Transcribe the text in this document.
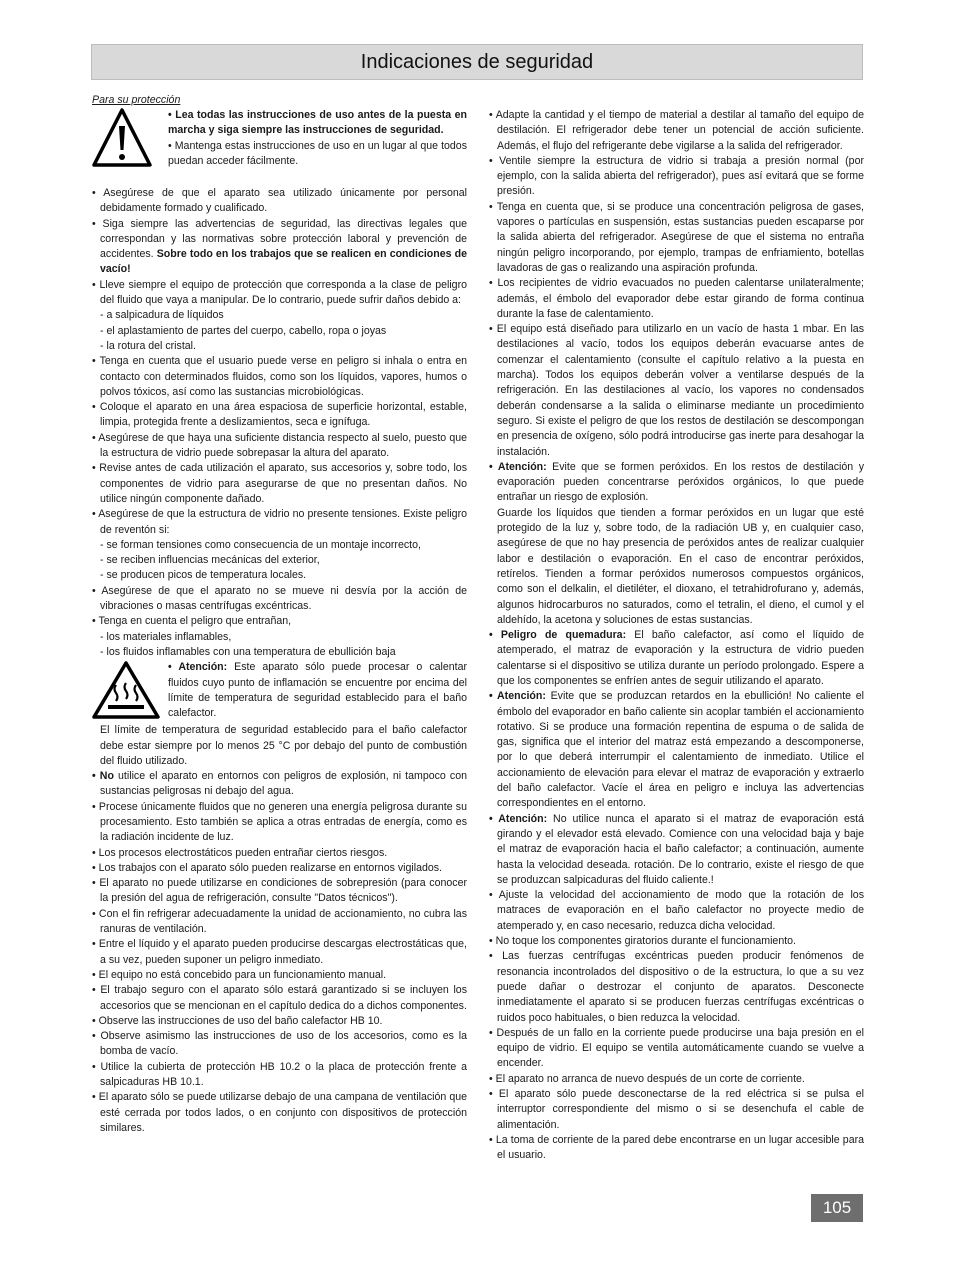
Indicaciones de seguridad
Para su protección

• Lea todas las instrucciones de uso antes de la puesta en marcha y siga siempre las instrucciones de seguridad.

• Mantenga estas instrucciones de uso en un lugar al que todos puedan acceder fácilmente.

• Asegúrese de que el aparato sea utilizado únicamente por personal debidamente formado y cualificado.

• Siga siempre las advertencias de seguridad, las directivas legales que correspondan y las normativas sobre protección laboral y prevención de accidentes. Sobre todo en los trabajos que se realicen en condiciones de vacío!

• Lleve siempre el equipo de protección que corresponda a la clase de peligro del fluido que vaya a manipular. De lo contrario, puede sufrir daños debido a:

- a salpicadura de líquidos

- el aplastamiento de partes del cuerpo, cabello, ropa o joyas

- la rotura del cristal.

• Tenga en cuenta que el usuario puede verse en peligro si inhala o entra en contacto con determinados fluidos, como son los líquidos, vapores, humos o polvos tóxicos, así como las sustancias microbiológicas.

• Coloque el aparato en una área espaciosa de superficie horizontal, estable, limpia, protegida frente a deslizamientos, seca e ignífuga.

• Asegúrese de que haya una suficiente distancia respecto al suelo, puesto que la estructura de vidrio puede sobrepasar la altura del aparato.

• Revise antes de cada utilización el aparato, sus accesorios y, sobre todo, los componentes de vidrio para asegurarse de que no presentan daños. No utilice ningún componente dañado.

• Asegúrese de que la estructura de vidrio no presente tensiones. Existe peligro de reventón si:

- se forman tensiones como consecuencia de un montaje incorrecto,

- se reciben influencias mecánicas del exterior,

- se producen picos de temperatura locales.

• Asegúrese de que el aparato no se mueve ni desvía por la acción de vibraciones o masas centrífugas excéntricas.

• Tenga en cuenta el peligro que entrañan,

- los materiales inflamables,

- los fluidos inflamables con una temperatura de ebullición baja

• Atención: Este aparato sólo puede procesar o calentar fluidos cuyo punto de inflamación se encuentre por encima del límite de temperatura de seguridad establecido para el baño calefactor.

El límite de temperatura de seguridad establecido para el baño calefactor debe estar siempre por lo menos 25 °C por debajo del punto de combustión del fluido utilizado.

• No utilice el aparato en entornos con peligros de explosión, ni tampoco con sustancias peligrosas ni debajo del agua.

• Procese únicamente fluidos que no generen una energía peligrosa durante su procesamiento. Esto también se aplica a otras entradas de energía, como es la radiación incidente de luz.

• Los procesos electrostáticos pueden entrañar ciertos riesgos.

• Los trabajos con el aparato sólo pueden realizarse en entornos vigilados.

• El aparato no puede utilizarse en condiciones de sobrepresión (para conocer la presión del agua de refrigeración, consulte "Datos técnicos").

• Con el fin refrigerar adecuadamente la unidad de accionamiento, no cubra las ranuras de ventilación.

• Entre el líquido y el aparato pueden producirse descargas electrostáticas que, a su vez, pueden suponer un peligro inmediato.

• El equipo no está concebido para un funcionamiento manual.

• El trabajo seguro con el aparato sólo estará garantizado si se incluyen los accesorios que se mencionan en el capítulo dedica do a dichos componentes.

• Observe las instrucciones de uso del baño calefactor HB 10.

• Observe asimismo las instrucciones de uso de los accesorios, como es la bomba de vacío.

• Utilice la cubierta de protección HB 10.2 o la placa de protección frente a salpicaduras HB 10.1.

• El aparato sólo se puede utilizarse debajo de una campana de ventilación que esté cerrada por todos lados, o en conjunto con dispositivos de protección similares.

• Adapte la cantidad y el tiempo de material a destilar al tamaño del equipo de destilación. El refrigerador debe tener un potencial de acción suficiente. Además, el flujo del refrigerante debe vigilarse a la salida del refrigerador.

• Ventile siempre la estructura de vidrio si trabaja a presión normal (por ejemplo, con la salida abierta del refrigerador), pues así evitará que se forme presión.

• Tenga en cuenta que, si se produce una concentración peligrosa de gases, vapores o partículas en suspensión, estas sustancias pueden escaparse por la salida abierta del refrigerador. Asegúrese de que el sistema no entraña ningún peligro incorporando, por ejemplo, trampas de enfriamiento, botellas lavadoras de gas o realizando una aspiración profunda.

• Los recipientes de vidrio evacuados no pueden calentarse unilateralmente; además, el émbolo del evaporador debe estar girando de forma continua durante la fase de calentamiento.

• El equipo está diseñado para utilizarlo en un vacío de hasta 1 mbar. En las destilaciones al vacío, todos los equipos deberán evacuarse antes de comenzar el calentamiento (consulte el capítulo relativo a la puesta en marcha). Todos los equipos deberán volver a ventilarse después de la refrigeración. En las destilaciones al vacío, los vapores no condensados deberán condensarse a la salida o eliminarse mediante un procedimiento seguro. Si existe el peligro de que los restos de destilación se descompongan en presencia de oxígeno, sólo podrá introducirse gas inerte para desahogar la instalación.

• Atención: Evite que se formen peróxidos. En los restos de destilación y evaporación pueden concentrarse peróxidos orgánicos, lo que puede entrañar un riesgo de explosión.

Guarde los líquidos que tienden a formar peróxidos en un lugar que esté protegido de la luz y, sobre todo, de la radiación UB y, en cualquier caso, asegúrese de que no hay presencia de peróxidos antes de realizar cualquier labor e destilación o evaporación. En el caso de encontrar peróxidos, retírelos. Tienden a formar peróxidos numerosos compuestos orgánicos, como son el delkalin, el dietiléter, el dioxano, el tetrahidrofurano y, además, algunos hidrocarburos no saturados, como el tetralin, el dieno, el cumol y el aldehído, la acetona y soluciones de estas sustancias.

• Peligro de quemadura: El baño calefactor, así como el líquido de atemperado, el matraz de evaporación y la estructura de vidrio pueden calentarse si el dispositivo se utiliza durante un período prolongado. Espere a que los componentes se enfríen antes de seguir utilizando el aparato.

• Atención: Evite que se produzcan retardos en la ebullición! No caliente el émbolo del evaporador en baño caliente sin acoplar también el accionamiento rotativo. Si se produce una formación repentina de espuma o de salida de gas, significa que el interior del matraz está empezando a descomponerse, por lo que deberá interrumpir el calentamiento de inmediato. Utilice el accionamiento de elevación para elevar el matraz de evaporación y extraerlo del baño calefactor. Vacíe el área en peligro e incluya las advertencias correspondientes en el entorno.

• Atención: No utilice nunca el aparato si el matraz de evaporación está girando y el elevador está elevado. Comience con una velocidad baja y baje el matraz de evaporación hacia el baño calefactor; a continuación, aumente hasta la velocidad deseada. rotación. De lo contrario, existe el riesgo de que se produzcan salpicaduras del fluido caliente.!

• Ajuste la velocidad del accionamiento de modo que la rotación de los matraces de evaporación en el baño calefactor no proyecte medio de atemperado y, en caso necesario, reduzca dicha velocidad.

• No toque los componentes giratorios durante el funcionamiento.

• Las fuerzas centrífugas excéntricas pueden producir fenómenos de resonancia incontrolados del dispositivo o de la estructura, lo que a su vez puede dañar o destrozar el conjunto de aparatos. Desconecte inmediatamente el aparato si se producen fuerzas centrífugas excéntricas o ruidos poco habituales, o bien reduzca la velocidad.

• Después de un fallo en la corriente puede producirse una baja presión en el equipo de vidrio. El equipo se ventila automáticamente cuando se vuelve a encender.

• El aparato no arranca de nuevo después de un corte de corriente.

• El aparato sólo puede desconectarse de la red eléctrica si se pulsa el interruptor correspondiente del mismo o si se desenchufa el cable de alimentación.

• La toma de corriente de la pared debe encontrarse en un lugar accesible para el usuario.

105
